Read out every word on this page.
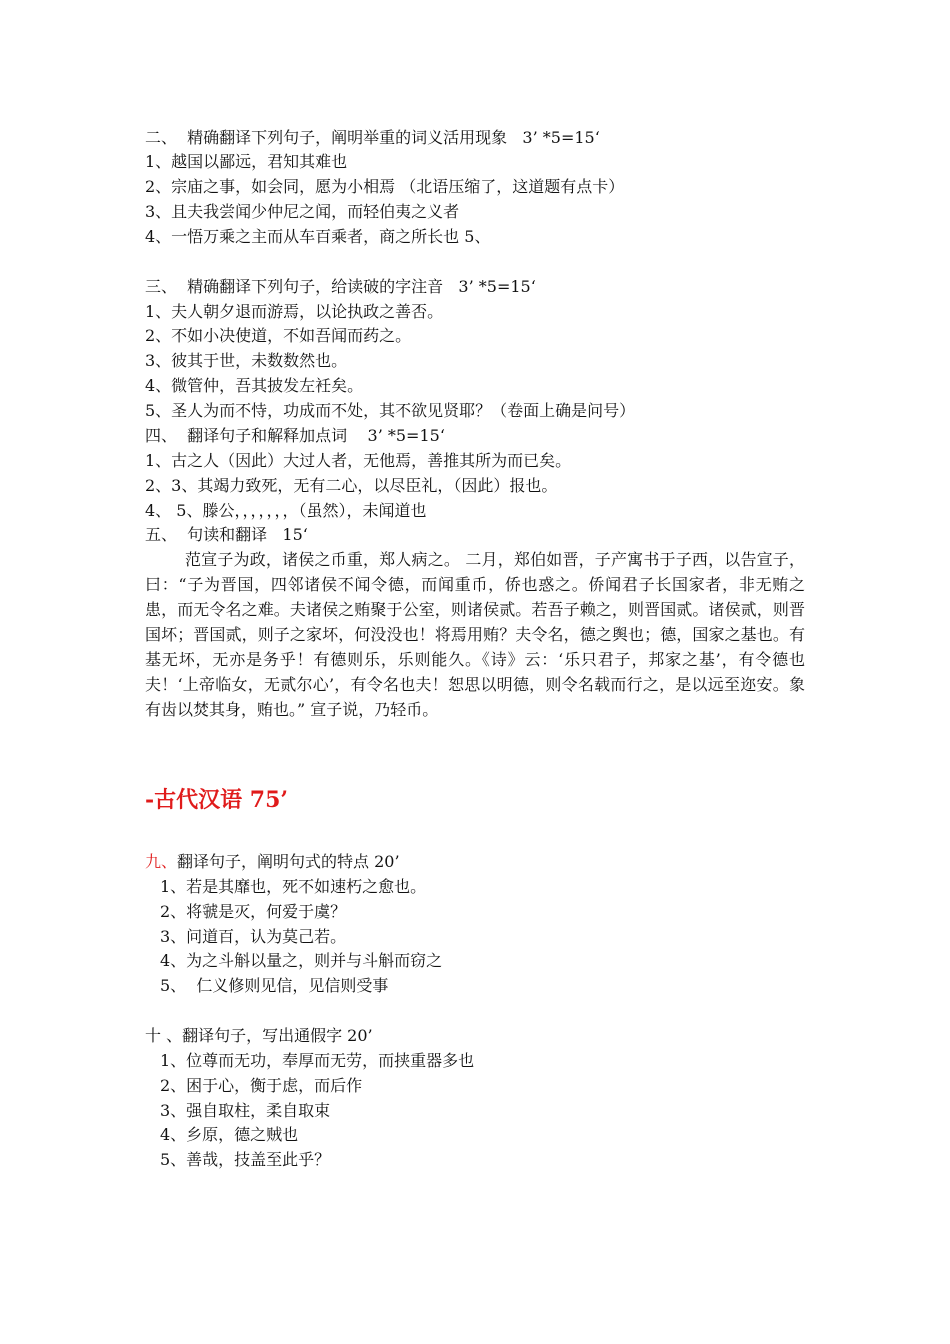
二、  精确翻译下列句子，阐明举重的词义活用现象   3’ *5=15‘

1、越国以鄙远，君知其难也

2、宗庙之事，如会同，愿为小相焉 （北语压缩了，这道题有点卡）

3、且夫我尝闻少仲尼之闻，而轻伯夷之义者

4、一悟万乘之主而从车百乘者，商之所长也 5、

三、  精确翻译下列句子，给读破的字注音   3’ *5=15‘

1、夫人朝夕退而游焉，以论执政之善否。

2、不如小决使道，不如吾闻而药之。

3、彼其于世，未数数然也。

4、微管仲，吾其披发左衽矣。

5、圣人为而不恃，功成而不处，其不欲见贤耶？（卷面上确是问号）

四、  翻译句子和解释加点词    3’ *5=15‘

1、古之人（因此）大过人者，无他焉，善推其所为而已矣。

2、3、其竭力致死，无有二心，以尽臣礼，（因此）报也。

4、 5、滕公，，，，，，，（虽然），未闻道也

五、  句读和翻译   15‘

范宣子为政，诸侯之币重，郑人病之。 二月，郑伯如晋，子产寓书于子西，以告宣子，曰：“子为晋国，四邻诸侯不闻令德，而闻重币，侨也惑之。侨闻君子长国家者，非无贿之患，而无令名之难。夫诸侯之贿聚于公室，则诸侯贰。若吾子赖之，则晋国贰。诸侯贰，则晋国坏；晋国贰，则子之家坏，何没没也！将焉用贿？夫令名，德之舆也；德，国家之基也。有基无坏，无亦是务乎！有德则乐，乐则能久。《诗》云：‘乐只君子，邦家之基’，有令德也夫！‘上帝临女，无贰尔心’，有令名也夫！恕思以明德，则令名载而行之，是以远至迩安。象有齿以焚其身，贿也。” 宣子说，乃轻币。

-古代汉语 75’

九、翻译句子，阐明句式的特点 20’

1、若是其靡也，死不如速朽之愈也。

2、将虢是灭，何爱于虞？

3、问道百，认为莫己若。

4、为之斗斛以量之，则并与斗斛而窃之

5、  仁义修则见信，见信则受事

十 、翻译句子，写出通假字 20’

1、位尊而无功，奉厚而无劳，而挟重器多也

2、困于心，衡于虑，而后作

3、强自取柱，柔自取束

4、乡原，德之贼也

5、善哉，技盖至此乎？
